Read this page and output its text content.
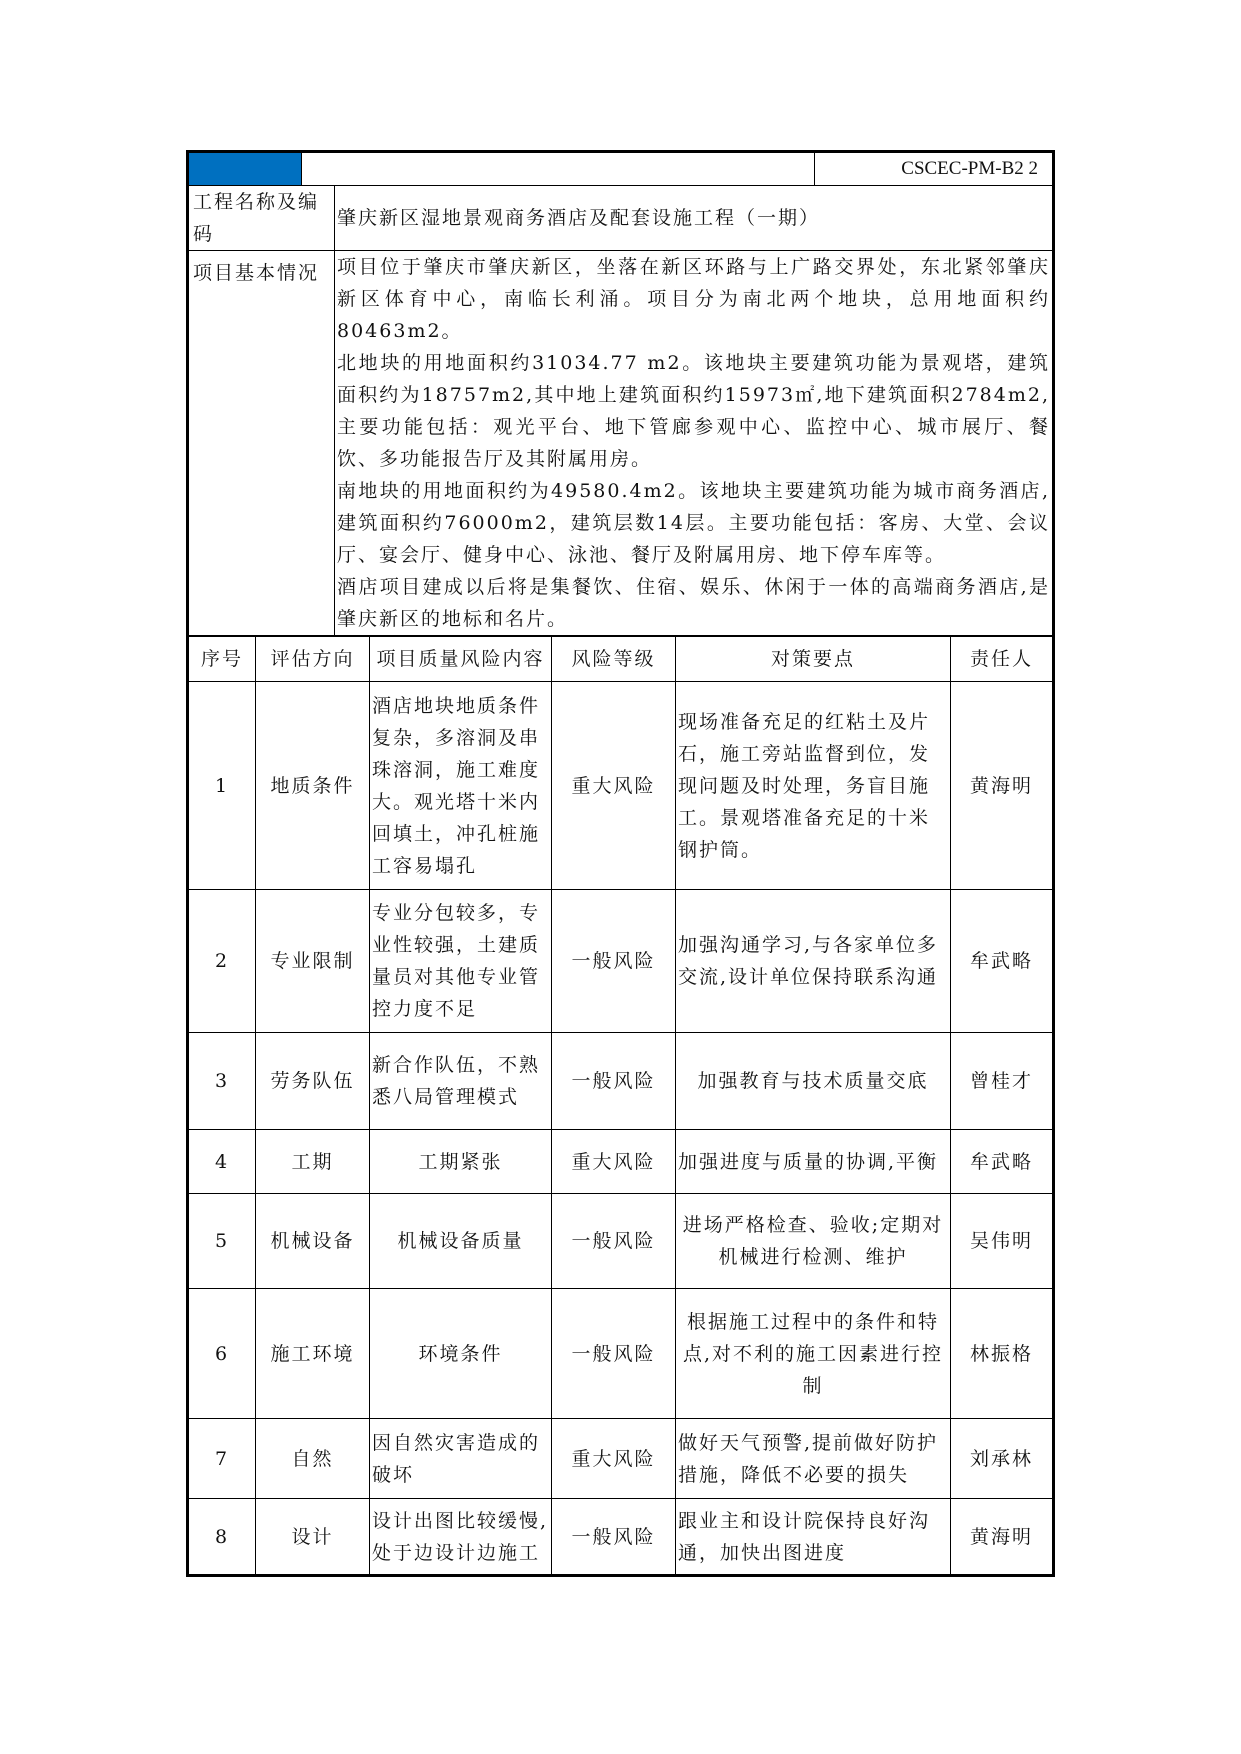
			CSCEC-PM-B2 2
工程名称及编码		肇庆新区湿地景观商务酒店及配套设施工程（一期）	
项目基本情况		项目位于肇庆市肇庆新区，坐落在新区环路与上广路交界处，东北紧邻肇庆新区体育中心，南临长利涌。项目分为南北两个地块，总用地面积约80463m2。

北地块的用地面积约31034.77 m2。该地块主要建筑功能为景观塔，建筑面积约为18757m2,其中地上建筑面积约15973㎡,地下建筑面积2784m2,主要功能包括：观光平台、地下管廊参观中心、监控中心、城市展厅、餐饮、多功能报告厅及其附属用房。

南地块的用地面积约为49580.4m2。该地块主要建筑功能为城市商务酒店,建筑面积约76000m2，建筑层数14层。主要功能包括：客房、大堂、会议厅、宴会厅、健身中心、泳池、餐厅及附属用房、地下停车库等。

酒店项目建成以后将是集餐饮、住宿、娱乐、休闲于一体的高端商务酒店,是肇庆新区的地标和名片。	

序号	评估方向	项目质量风险内容	风险等级	对策要点	责任人
1	地质条件	酒店地块地质条件复杂，多溶洞及串珠溶洞，施工难度大。观光塔十米内回填土，冲孔桩施工容易塌孔	重大风险	现场准备充足的红粘土及片石，施工旁站监督到位，发现问题及时处理，务盲目施工。景观塔准备充足的十米钢护筒。	黄海明
2	专业限制	专业分包较多，专业性较强，土建质量员对其他专业管控力度不足	一般风险	加强沟通学习,与各家单位多交流,设计单位保持联系沟通	牟武略
3	劳务队伍	新合作队伍，不熟悉八局管理模式	一般风险	加强教育与技术质量交底	曾桂才
4	工期	工期紧张	重大风险	加强进度与质量的协调,平衡	牟武略
5	机械设备	机械设备质量	一般风险	进场严格检查、验收;定期对机械进行检测、维护	吴伟明
6	施工环境	环境条件	一般风险	根据施工过程中的条件和特点,对不利的施工因素进行控制	林振格
7	自然	因自然灾害造成的破坏	重大风险	做好天气预警,提前做好防护措施，降低不必要的损失	刘承林
8	设计	设计出图比较缓慢,处于边设计边施工	一般风险	跟业主和设计院保持良好沟通，加快出图进度	黄海明
